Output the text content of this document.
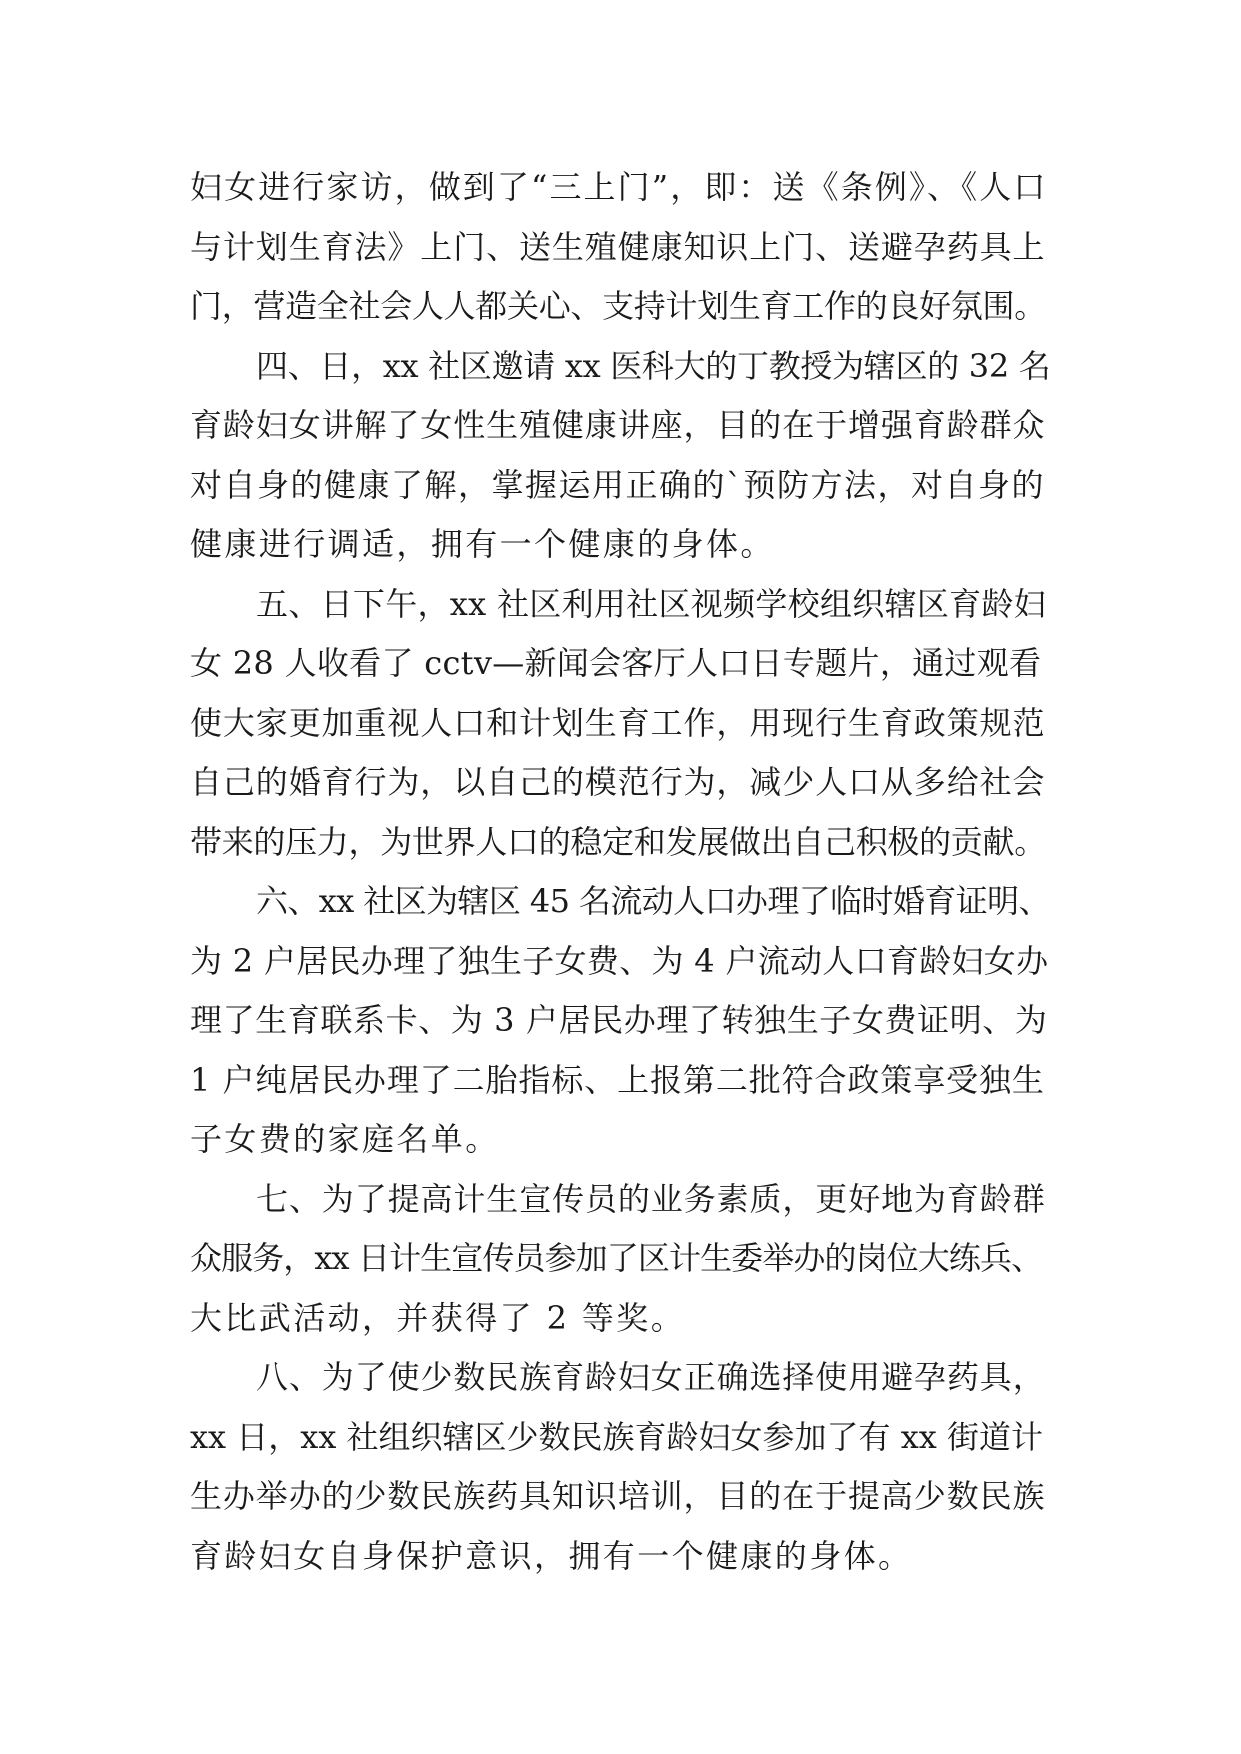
妇女进行家访，做到了“三上门”，即：送《条例》、《人口
与计划生育法》上门、送生殖健康知识上门、送避孕药具上
门，营造全社会人人都关心、支持计划生育工作的良好氛围。
四、日，xx 社区邀请 xx 医科大的丁教授为辖区的 32 名
育龄妇女讲解了女性生殖健康讲座，目的在于增强育龄群众
对自身的健康了解，掌握运用正确的`预防方法，对自身的
健康进行调适，拥有一个健康的身体。
五、日下午，xx 社区利用社区视频学校组织辖区育龄妇
女 28 人收看了 cctv—新闻会客厅人口日专题片，通过观看
使大家更加重视人口和计划生育工作，用现行生育政策规范
自己的婚育行为，以自己的模范行为，减少人口从多给社会
带来的压力，为世界人口的稳定和发展做出自己积极的贡献。
六、xx 社区为辖区 45 名流动人口办理了临时婚育证明、
为 2 户居民办理了独生子女费、为 4 户流动人口育龄妇女办
理了生育联系卡、为 3 户居民办理了转独生子女费证明、为
1 户纯居民办理了二胎指标、上报第二批符合政策享受独生
子女费的家庭名单。
七、为了提高计生宣传员的业务素质，更好地为育龄群
众服务，xx 日计生宣传员参加了区计生委举办的岗位大练兵、
大比武活动，并获得了 2 等奖。
八、为了使少数民族育龄妇女正确选择使用避孕药具，
xx 日，xx 社组织辖区少数民族育龄妇女参加了有 xx 街道计
生办举办的少数民族药具知识培训，目的在于提高少数民族
育龄妇女自身保护意识，拥有一个健康的身体。
